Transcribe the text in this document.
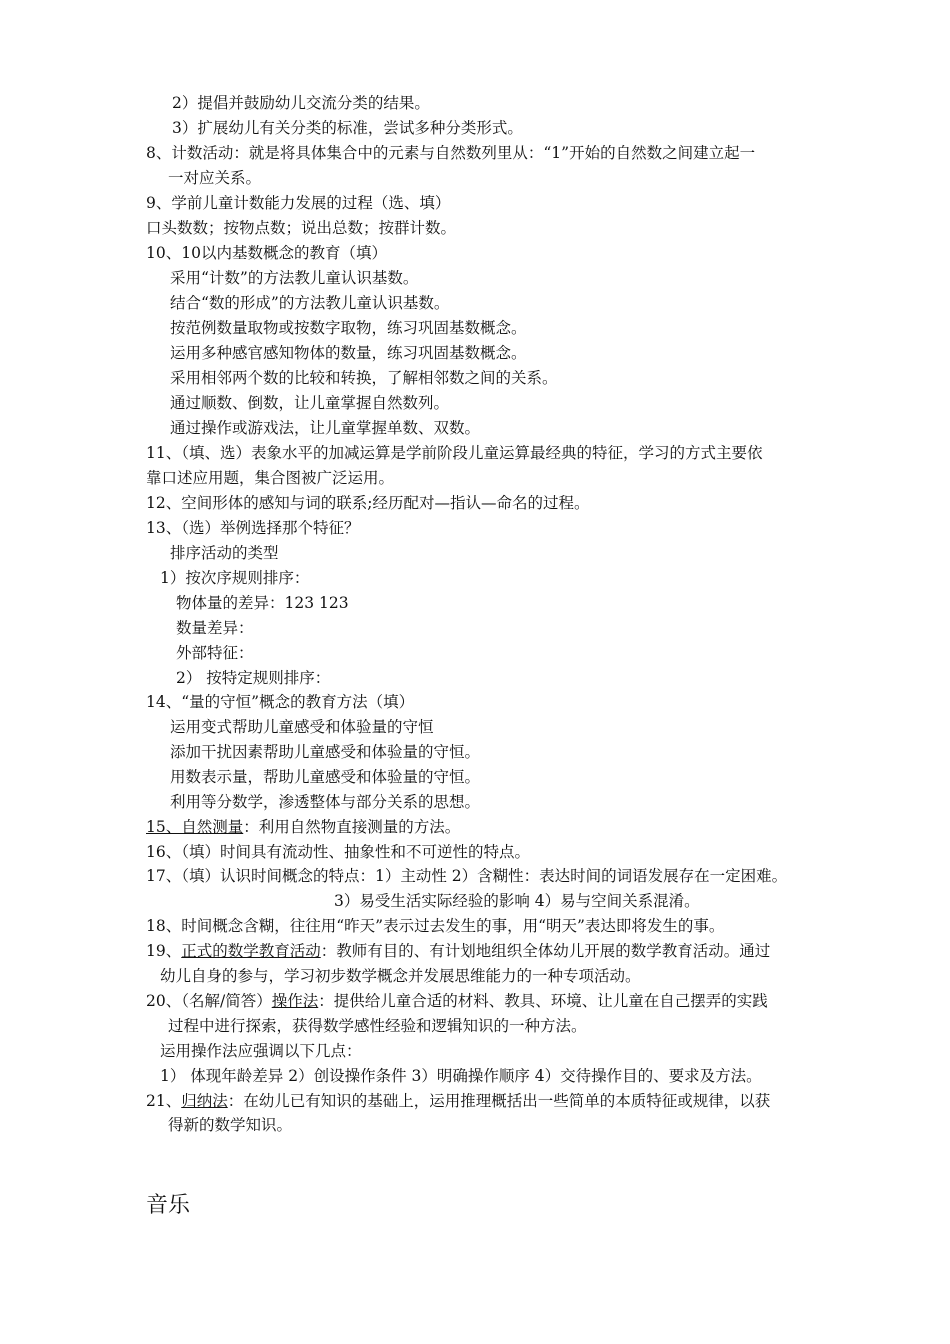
2）提倡并鼓励幼儿交流分类的结果。
3）扩展幼儿有关分类的标准，尝试多种分类形式。
8、计数活动：就是将具体集合中的元素与自然数列里从：“1”开始的自然数之间建立起一
一对应关系。
9、学前儿童计数能力发展的过程（选、填）
口头数数；按物点数；说出总数；按群计数。
10、10以内基数概念的教育（填）
采用“计数”的方法教儿童认识基数。
结合“数的形成”的方法教儿童认识基数。
按范例数量取物或按数字取物，练习巩固基数概念。
运用多种感官感知物体的数量，练习巩固基数概念。
采用相邻两个数的比较和转换，了解相邻数之间的关系。
通过顺数、倒数，让儿童掌握自然数列。
通过操作或游戏法，让儿童掌握单数、双数。
11、（填、选）表象水平的加减运算是学前阶段儿童运算最经典的特征，学习的方式主要依
靠口述应用题，集合图被广泛运用。
12、空间形体的感知与词的联系;经历配对—指认—命名的过程。
13、（选）举例选择那个特征？
排序活动的类型
1）按次序规则排序：
物体量的差异：123 123
数量差异：
外部特征：
2） 按特定规则排序：
14、“量的守恒”概念的教育方法（填）
运用变式帮助儿童感受和体验量的守恒
添加干扰因素帮助儿童感受和体验量的守恒。
用数表示量，帮助儿童感受和体验量的守恒。
利用等分数学，渗透整体与部分关系的思想。
15、自然测量：利用自然物直接测量的方法。
16、（填）时间具有流动性、抽象性和不可逆性的特点。
17、（填）认识时间概念的特点：1）主动性 2）含糊性：表达时间的词语发展存在一定困难。
3）易受生活实际经验的影响 4）易与空间关系混淆。
18、时间概念含糊，往往用“昨天”表示过去发生的事，用“明天”表达即将发生的事。
19、正式的数学教育活动：教师有目的、有计划地组织全体幼儿开展的数学教育活动。通过
幼儿自身的参与，学习初步数学概念并发展思维能力的一种专项活动。
20、（名解/简答）操作法：提供给儿童合适的材料、教具、环境、让儿童在自己摆弄的实践
过程中进行探索，获得数学感性经验和逻辑知识的一种方法。
运用操作法应强调以下几点：
1） 体现年龄差异 2）创设操作条件 3）明确操作顺序 4）交待操作目的、要求及方法。
21、归纳法：在幼儿已有知识的基础上，运用推理概括出一些简单的本质特征或规律，以获
得新的数学知识。
音乐
